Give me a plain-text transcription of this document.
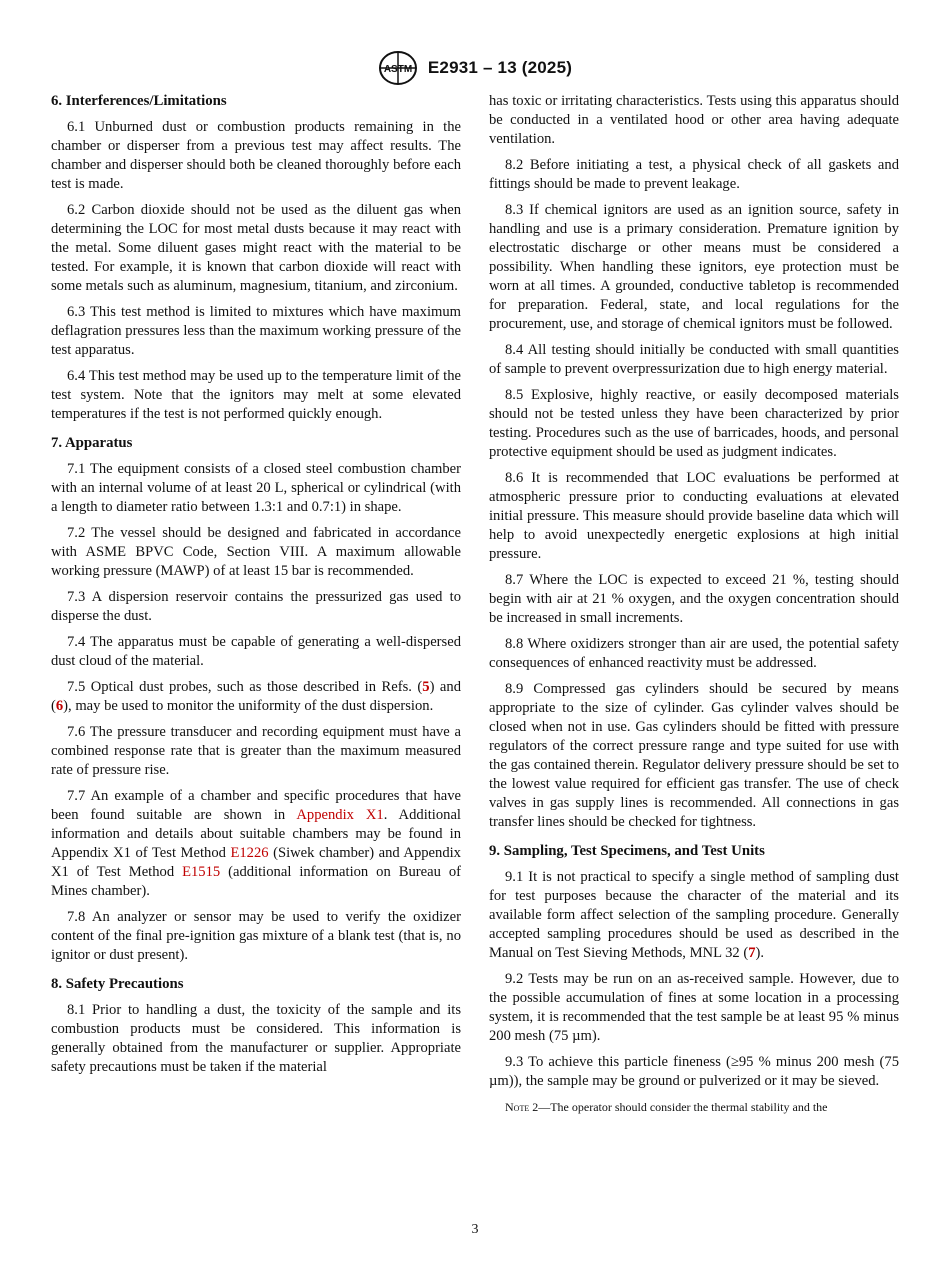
ASTM E2931 – 13 (2025)
6. Interferences/Limitations

6.1 Unburned dust or combustion products remaining in the chamber or disperser from a previous test may affect results. The chamber and disperser should both be cleaned thoroughly before each test is made.

6.2 Carbon dioxide should not be used as the diluent gas when determining the LOC for most metal dusts because it may react with the metal. Some diluent gases might react with the material to be tested. For example, it is known that carbon dioxide will react with some metals such as aluminum, magnesium, titanium, and zirconium.

6.3 This test method is limited to mixtures which have maximum deflagration pressures less than the maximum working pressure of the test apparatus.

6.4 This test method may be used up to the temperature limit of the test system. Note that the ignitors may melt at some elevated temperatures if the test is not performed quickly enough.

7. Apparatus

7.1 The equipment consists of a closed steel combustion chamber with an internal volume of at least 20 L, spherical or cylindrical (with a length to diameter ratio between 1.3:1 and 0.7:1) in shape.

7.2 The vessel should be designed and fabricated in accordance with ASME BPVC Code, Section VIII. A maximum allowable working pressure (MAWP) of at least 15 bar is recommended.

7.3 A dispersion reservoir contains the pressurized gas used to disperse the dust.

7.4 The apparatus must be capable of generating a well-dispersed dust cloud of the material.

7.5 Optical dust probes, such as those described in Refs. (5) and (6), may be used to monitor the uniformity of the dust dispersion.

7.6 The pressure transducer and recording equipment must have a combined response rate that is greater than the maximum measured rate of pressure rise.

7.7 An example of a chamber and specific procedures that have been found suitable are shown in Appendix X1. Additional information and details about suitable chambers may be found in Appendix X1 of Test Method E1226 (Siwek chamber) and Appendix X1 of Test Method E1515 (additional information on Bureau of Mines chamber).

7.8 An analyzer or sensor may be used to verify the oxidizer content of the final pre-ignition gas mixture of a blank test (that is, no ignitor or dust present).

8. Safety Precautions

8.1 Prior to handling a dust, the toxicity of the sample and its combustion products must be considered. This information is generally obtained from the manufacturer or supplier. Appropriate safety precautions must be taken if the material

has toxic or irritating characteristics. Tests using this apparatus should be conducted in a ventilated hood or other area having adequate ventilation.

8.2 Before initiating a test, a physical check of all gaskets and fittings should be made to prevent leakage.

8.3 If chemical ignitors are used as an ignition source, safety in handling and use is a primary consideration. Premature ignition by electrostatic discharge or other means must be considered a possibility. When handling these ignitors, eye protection must be worn at all times. A grounded, conductive tabletop is recommended for preparation. Federal, state, and local regulations for the procurement, use, and storage of chemical ignitors must be followed.

8.4 All testing should initially be conducted with small quantities of sample to prevent overpressurization due to high energy material.

8.5 Explosive, highly reactive, or easily decomposed materials should not be tested unless they have been characterized by prior testing. Procedures such as the use of barricades, hoods, and personal protective equipment should be used as judgment indicates.

8.6 It is recommended that LOC evaluations be performed at atmospheric pressure prior to conducting evaluations at elevated initial pressure. This measure should provide baseline data which will help to avoid unexpectedly energetic explosions at high initial pressure.

8.7 Where the LOC is expected to exceed 21 %, testing should begin with air at 21 % oxygen, and the oxygen concentration should be increased in small increments.

8.8 Where oxidizers stronger than air are used, the potential safety consequences of enhanced reactivity must be addressed.

8.9 Compressed gas cylinders should be secured by means appropriate to the size of cylinder. Gas cylinder valves should be closed when not in use. Gas cylinders should be fitted with pressure regulators of the correct pressure range and type suited for use with the gas contained therein. Regulator delivery pressure should be set to the lowest value required for efficient gas transfer. The use of check valves in gas supply lines is recommended. All connections in gas transfer lines should be checked for tightness.

9. Sampling, Test Specimens, and Test Units

9.1 It is not practical to specify a single method of sampling dust for test purposes because the character of the material and its available form affect selection of the sampling procedure. Generally accepted sampling procedures should be used as described in the Manual on Test Sieving Methods, MNL 32 (7).

9.2 Tests may be run on an as-received sample. However, due to the possible accumulation of fines at some location in a processing system, it is recommended that the test sample be at least 95 % minus 200 mesh (75 µm).

9.3 To achieve this particle fineness (≥95 % minus 200 mesh (75 µm)), the sample may be ground or pulverized or it may be sieved.

Note 2—The operator should consider the thermal stability and the

3
